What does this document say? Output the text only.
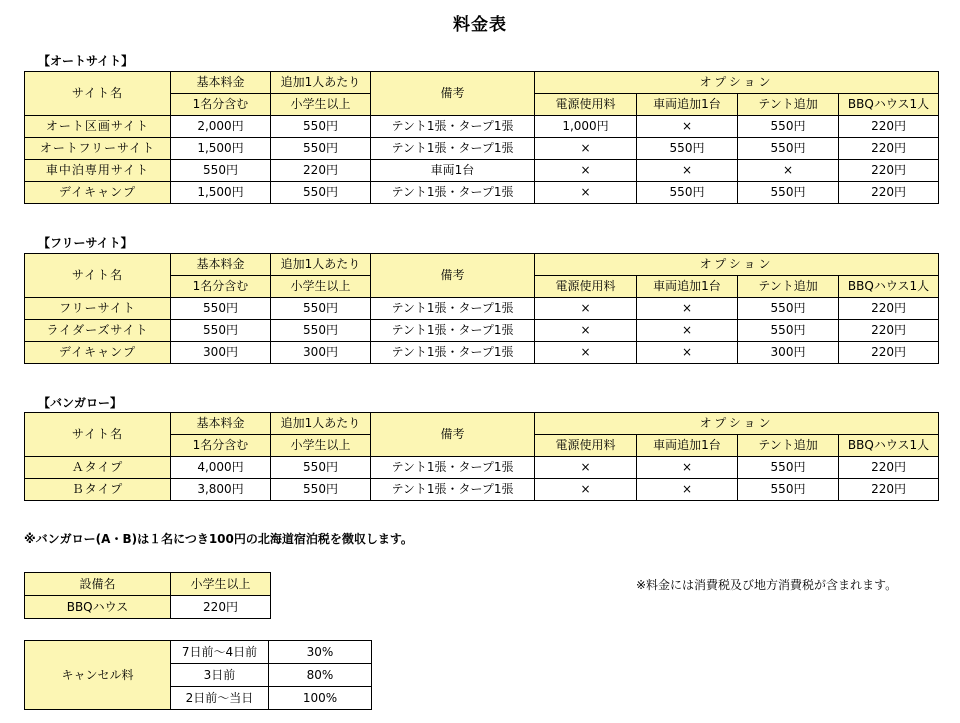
料金表
【オートサイト】
サイト名	基本料金	追加1人あたり	備考	オプション			
	1名分含む	小学生以上		電源使用料	車両追加1台	テント追加	BBQハウス1人
オート区画サイト	2,000円	550円	テント1張・タープ1張	1,000円	×	550円	220円
オートフリーサイト	1,500円	550円	テント1張・タープ1張	×	550円	550円	220円
車中泊専用サイト	550円	220円	車両1台	×	×	×	220円
デイキャンプ	1,500円	550円	テント1張・タープ1張	×	550円	550円	220円
【フリーサイト】
サイト名	基本料金	追加1人あたり	備考	オプション			
	1名分含む	小学生以上		電源使用料	車両追加1台	テント追加	BBQハウス1人
フリーサイト	550円	550円	テント1張・タープ1張	×	×	550円	220円
ライダーズサイト	550円	550円	テント1張・タープ1張	×	×	550円	220円
デイキャンプ	300円	300円	テント1張・タープ1張	×	×	300円	220円
【バンガロー】
サイト名	基本料金	追加1人あたり	備考	オプション			
	1名分含む	小学生以上		電源使用料	車両追加1台	テント追加	BBQハウス1人
Ａタイプ	4,000円	550円	テント1張・タープ1張	×	×	550円	220円
Ｂタイプ	3,800円	550円	テント1張・タープ1張	×	×	550円	220円
※バンガロー(A・B)は１名につき100円の北海道宿泊税を徴収します。
※料金には消費税及び地方消費税が含まれます。
設備名	小学生以上
BBQハウス	220円
キャンセル料	7日前～4日前	30%
	3日前	80%
	2日前～当日	100%
